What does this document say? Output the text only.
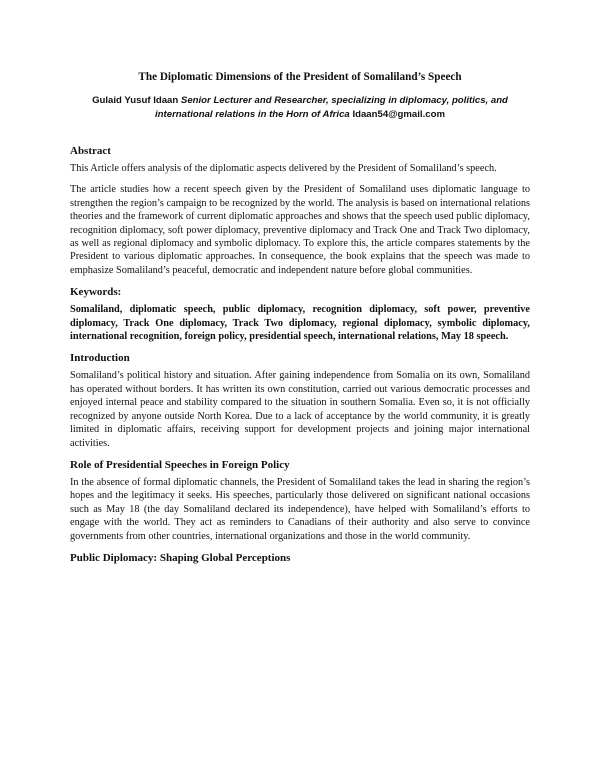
The Diplomatic Dimensions of the President of Somaliland’s Speech
Gulaid Yusuf Idaan Senior Lecturer and Researcher, specializing in diplomacy, politics, and
international relations in the Horn of Africa Idaan54@gmail.com
Abstract

This Article offers analysis of the diplomatic aspects delivered by the President of Somaliland’s speech.

The article studies how a recent speech given by the President of Somaliland uses diplomatic language to strengthen the region’s campaign to be recognized by the world. The analysis is based on international relations theories and the framework of current diplomatic approaches and shows that the speech used public diplomacy, recognition diplomacy, soft power diplomacy, preventive diplomacy and Track One and Track Two diplomacy, as well as regional diplomacy and symbolic diplomacy. To explore this, the article compares statements by the President to various diplomatic approaches. In consequence, the book explains that the speech was made to emphasize Somaliland’s peaceful, democratic and independent nature before global communities.

Keywords:

Somaliland, diplomatic speech, public diplomacy, recognition diplomacy, soft power, preventive diplomacy, Track One diplomacy, Track Two diplomacy, regional diplomacy, symbolic diplomacy, international recognition, foreign policy, presidential speech, international relations, May 18 speech.

Introduction

Somaliland’s political history and situation. After gaining independence from Somalia on its own, Somaliland has operated without borders. It has written its own constitution, carried out various democratic processes and enjoyed internal peace and stability compared to the situation in southern Somalia. Even so, it is not officially recognized by anyone outside North Korea. Due to a lack of acceptance by the world community, it is greatly limited in diplomatic affairs, receiving support for development projects and joining major international activities.

Role of Presidential Speeches in Foreign Policy

In the absence of formal diplomatic channels, the President of Somaliland takes the lead in sharing the region’s hopes and the legitimacy it seeks. His speeches, particularly those delivered on significant national occasions such as May 18 (the day Somaliland declared its independence), have helped with Somaliland’s efforts to engage with the world. They act as reminders to Canadians of their authority and also serve to convince governments from other countries, international organizations and those in the world community.

Public Diplomacy: Shaping Global Perceptions
